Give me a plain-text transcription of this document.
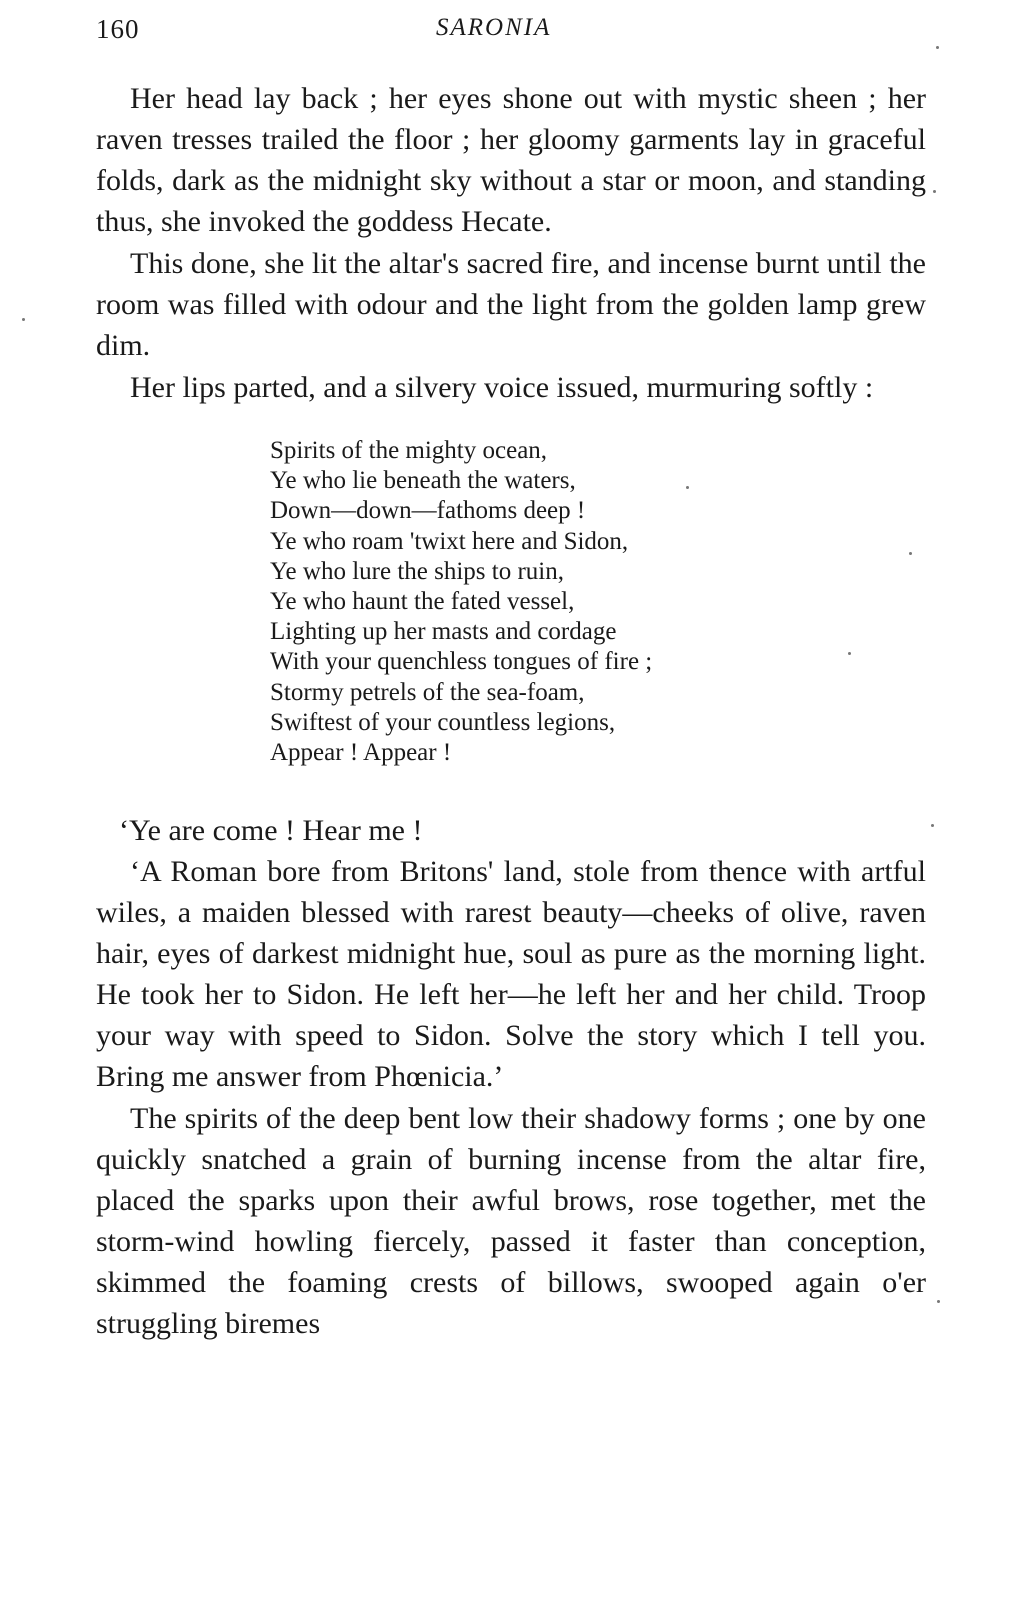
160	SARONIA

Her head lay back ; her eyes shone out with mystic sheen ; her raven tresses trailed the floor ; her gloomy garments lay in graceful folds, dark as the midnight sky without a star or moon, and standing thus, she invoked the goddess Hecate.

This done, she lit the altar's sacred fire, and incense burnt until the room was filled with odour and the light from the golden lamp grew dim.

Her lips parted, and a silvery voice issued, murmuring softly :

Spirits of the mighty ocean,
Ye who lie beneath the waters,
Down—down—fathoms deep !
Ye who roam 'twixt here and Sidon,
Ye who lure the ships to ruin,
Ye who haunt the fated vessel,
Lighting up her masts and cordage
With your quenchless tongues of fire ;
Stormy petrels of the sea-foam,
Swiftest of your countless legions,
Appear ! Appear !

‘Ye are come ! Hear me !

‘A Roman bore from Britons' land, stole from thence with artful wiles, a maiden blessed with rarest beauty—cheeks of olive, raven hair, eyes of darkest midnight hue, soul as pure as the morning light. He took her to Sidon. He left her—he left her and her child. Troop your way with speed to Sidon. Solve the story which I tell you. Bring me answer from Phœnicia.’

The spirits of the deep bent low their shadowy forms ; one by one quickly snatched a grain of burning incense from the altar fire, placed the sparks upon their awful brows, rose together, met the storm-wind howling fiercely, passed it faster than conception, skimmed the foaming crests of billows, swooped again o'er struggling biremes
